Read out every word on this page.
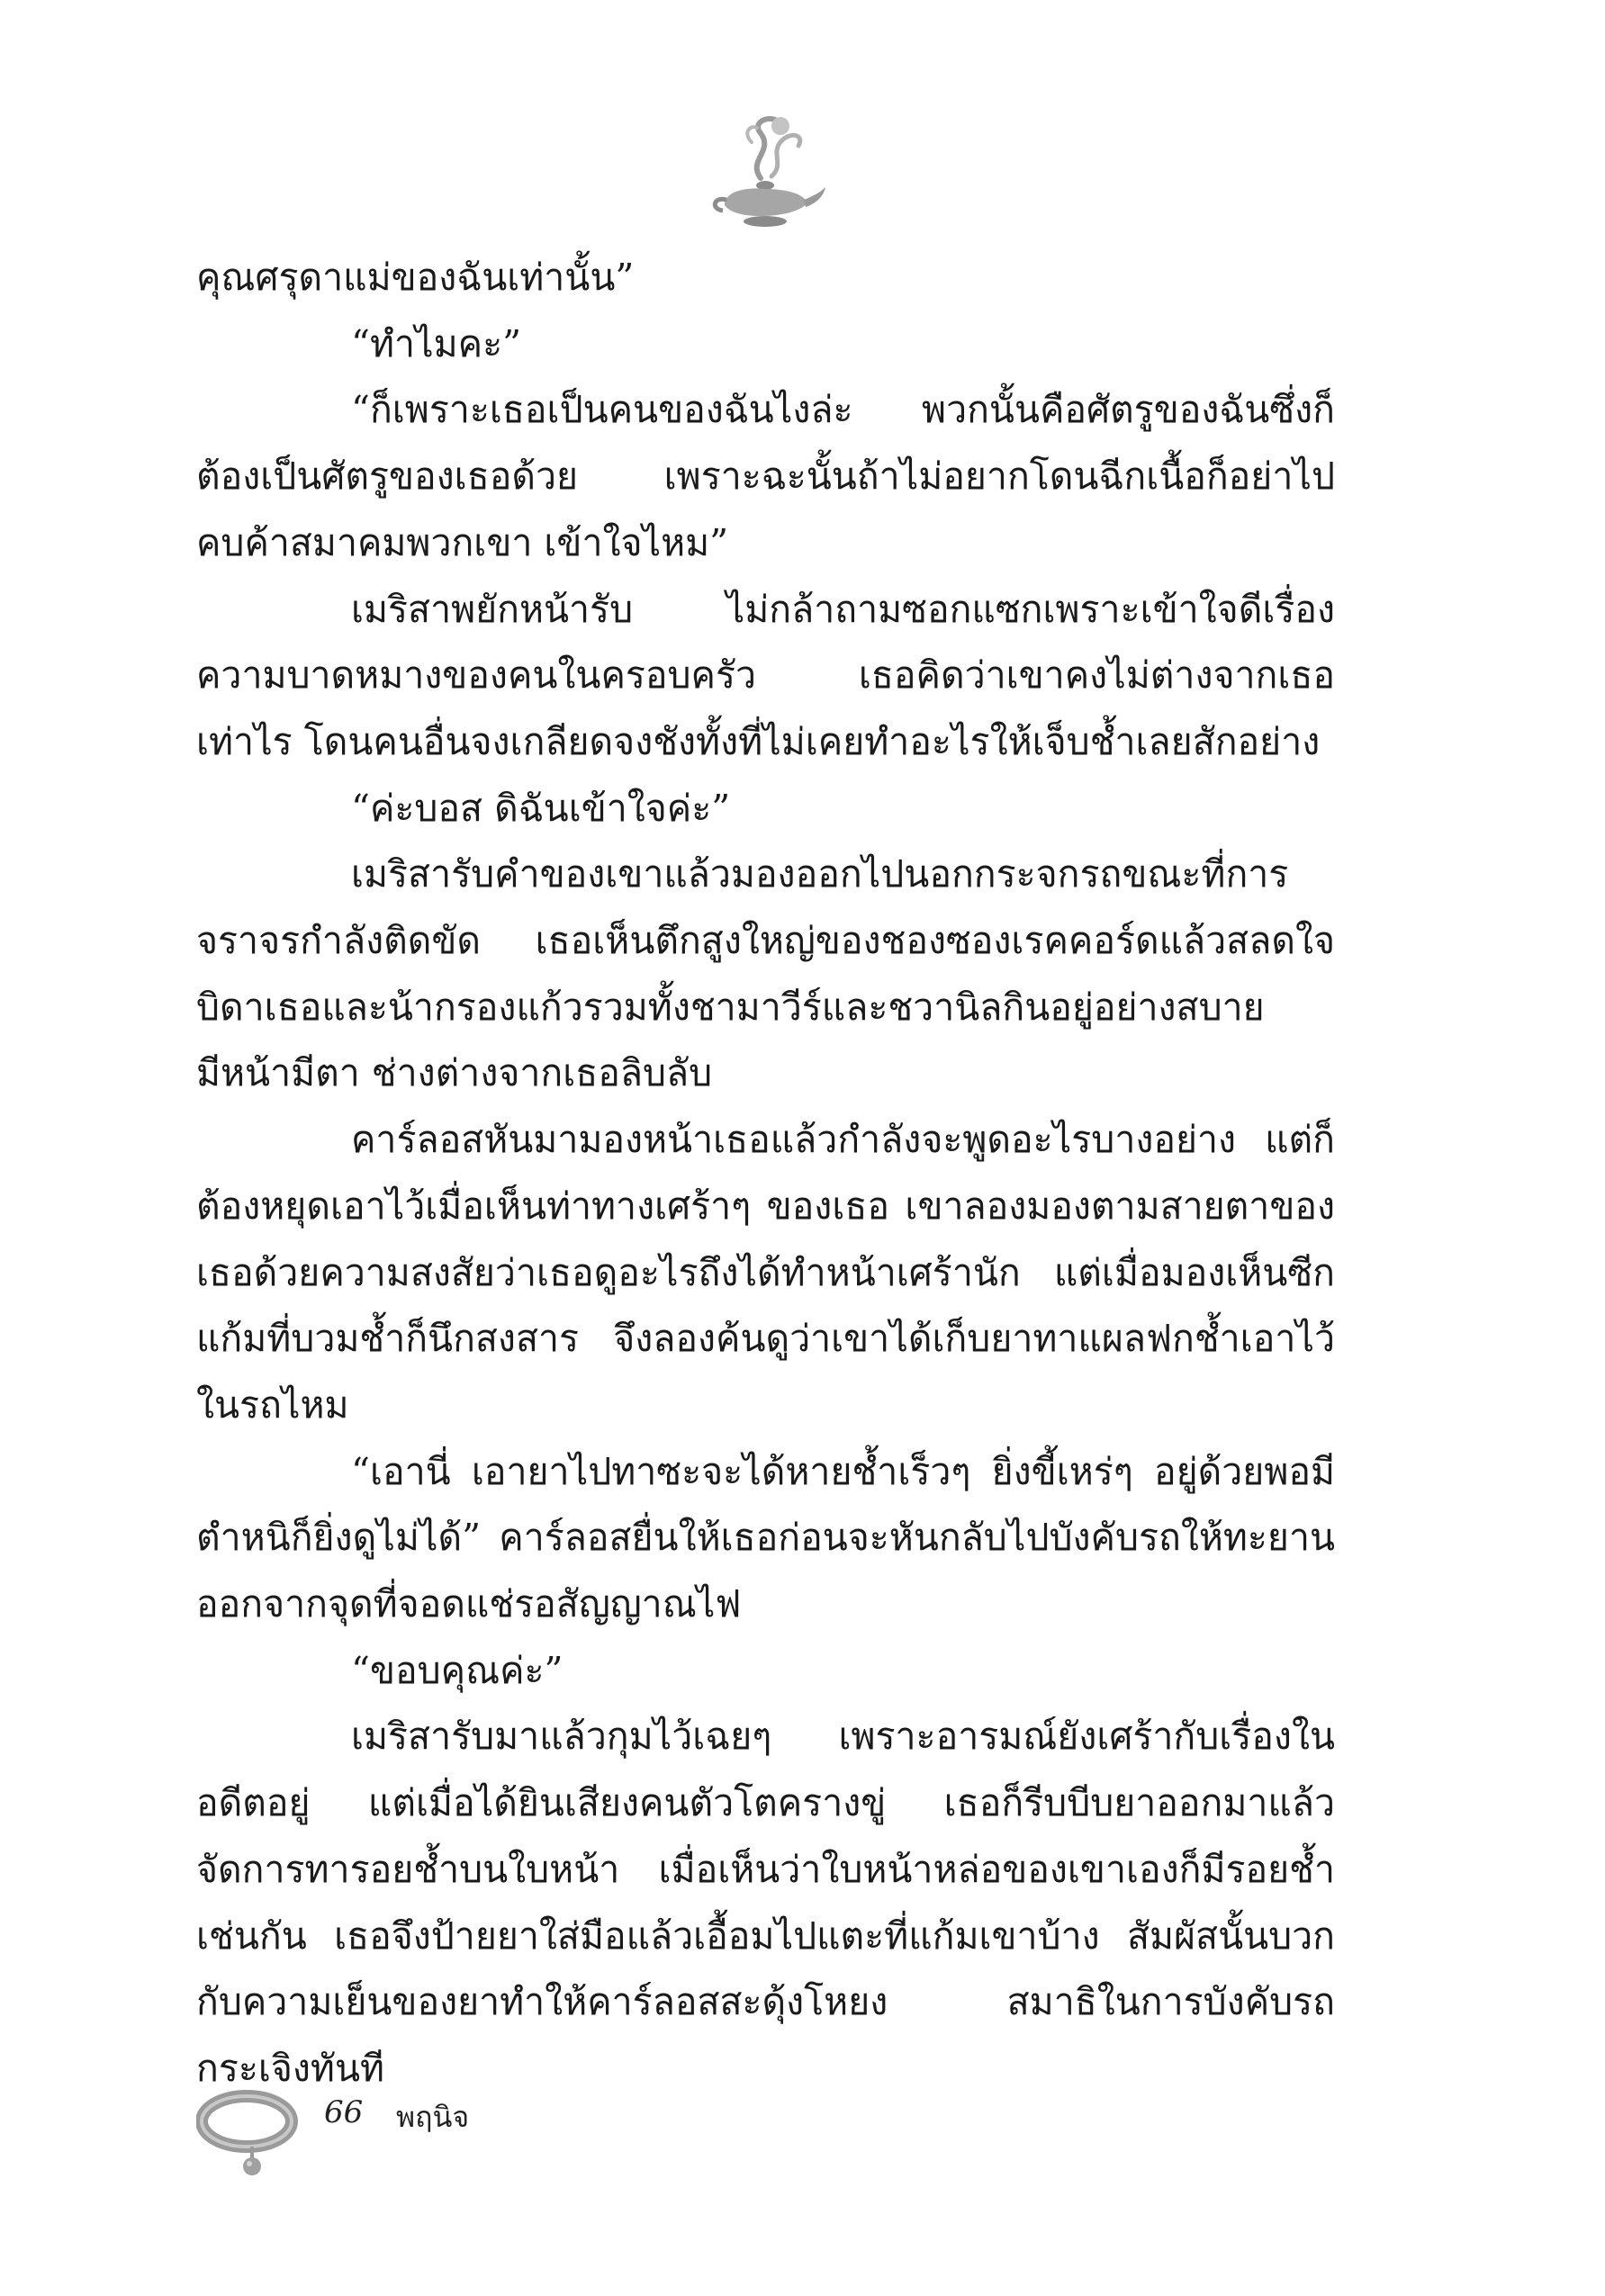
คุณศรุดาแม่ของฉันเท่านั้น”

“ทำไมคะ”

“ก็เพราะเธอเป็นคนของฉันไงล่ะ พวกนั้นคือศัตรูของฉันซึ่งก็ต้องเป็นศัตรูของเธอด้วย เพราะฉะนั้นถ้าไม่อยากโดนฉีกเนื้อก็อย่าไปคบค้าสมาคมพวกเขา เข้าใจไหม”

เมริสาพยักหน้ารับ ไม่กล้าถามซอกแซกเพราะเข้าใจดีเรื่องความบาดหมางของคนในครอบครัว เธอคิดว่าเขาคงไม่ต่างจากเธอเท่าไร โดนคนอื่นจงเกลียดจงชังทั้งที่ไม่เคยทำอะไรให้เจ็บช้ำเลยสักอย่าง

“ค่ะบอส ดิฉันเข้าใจค่ะ”

เมริสารับคำของเขาแล้วมองออกไปนอกกระจกรถขณะที่การจราจรกำลังติดขัด เธอเห็นตึกสูงใหญ่ของชองซองเรคคอร์ดแล้วสลดใจ บิดาเธอและน้ากรองแก้วรวมทั้งชามาวีร์และชวานิลกินอยู่อย่างสบายมีหน้ามีตา ช่างต่างจากเธอลิบลับ

คาร์ลอสหันมามองหน้าเธอแล้วกำลังจะพูดอะไรบางอย่าง แต่ก็ต้องหยุดเอาไว้เมื่อเห็นท่าทางเศร้าๆ ของเธอ เขาลองมองตามสายตาของเธอด้วยความสงสัยว่าเธอดูอะไรถึงได้ทำหน้าเศร้านัก แต่เมื่อมองเห็นซีกแก้มที่บวมช้ำก็นึกสงสาร จึงลองค้นดูว่าเขาได้เก็บยาทาแผลฟกช้ำเอาไว้ในรถไหม

“เอานี่ เอายาไปทาซะจะได้หายช้ำเร็วๆ ยิ่งขี้เหร่ๆ อยู่ด้วยพอมีตำหนิก็ยิ่งดูไม่ได้” คาร์ลอสยื่นให้เธอก่อนจะหันกลับไปบังคับรถให้ทะยานออกจากจุดที่จอดแช่รอสัญญาณไฟ

“ขอบคุณค่ะ”

เมริสารับมาแล้วกุมไว้เฉยๆ เพราะอารมณ์ยังเศร้ากับเรื่องในอดีตอยู่ แต่เมื่อได้ยินเสียงคนตัวโตครางขู่ เธอก็รีบบีบยาออกมาแล้วจัดการทารอยช้ำบนใบหน้า เมื่อเห็นว่าใบหน้าหล่อของเขาเองก็มีรอยช้ำเช่นกัน เธอจึงป้ายยาใส่มือแล้วเอื้อมไปแตะที่แก้มเขาบ้าง สัมผัสนั้นบวกกับความเย็นของยาทำให้คาร์ลอสสะดุ้งโหยง สมาธิในการบังคับรถกระเจิงทันที

66 พฤนิจ
